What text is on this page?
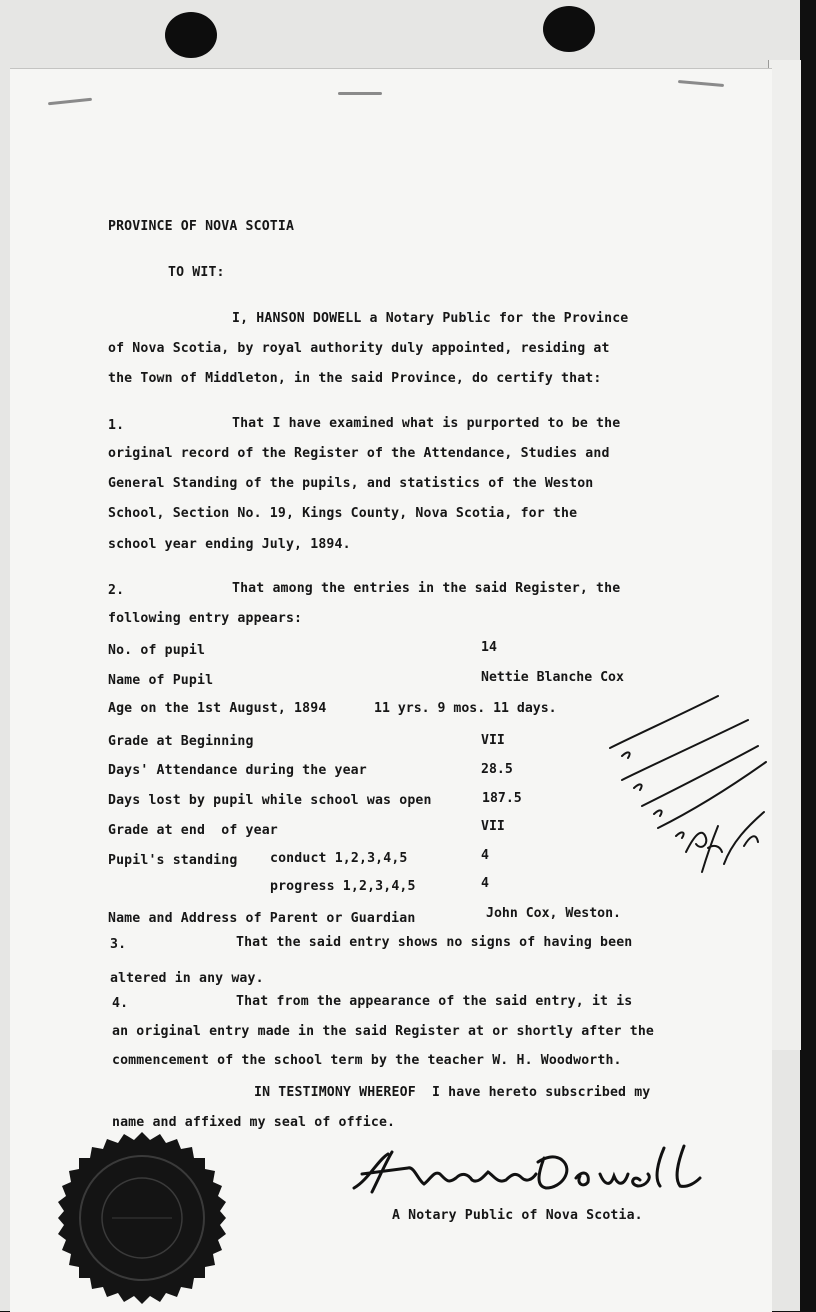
PROVINCE OF NOVA SCOTIA
TO WIT:
I, HANSON DOWELL a Notary Public for the Province
of Nova Scotia, by royal authority duly appointed, residing at
the Town of Middleton, in the said Province, do certify that:
1.	That I have examined what is purported to be the
original record of the Register of the Attendance, Studies and
General Standing of the pupils, and statistics of the Weston
School, Section No. 19, Kings County, Nova Scotia, for the
school year ending July, 1894.
2.	That among the entries in the said Register, the
following entry appears:
No. of pupil	14
Name of Pupil	Nettie Blanche Cox
Age on the 1st August, 1894	11 yrs. 9 mos. 11 days.
Grade at Beginning	VII
Days' Attendance during the year	28.5
Days lost by pupil while school was open	187.5
Grade at end  of year	VII
Pupil's standing conduct 1,2,3,4,5	4
progress 1,2,3,4,5	4
Name and Address of Parent or Guardian	John Cox, Weston.
3.	That the said entry shows no signs of having been
altered in any way.
4.	That from the appearance of the said entry, it is
an original entry made in the said Register at or shortly after the
commencement of the school term by the teacher W. H. Woodworth.
IN TESTIMONY WHEREOF  I have hereto subscribed my
name and affixed my seal of office.
A Notary Public of Nova Scotia.
